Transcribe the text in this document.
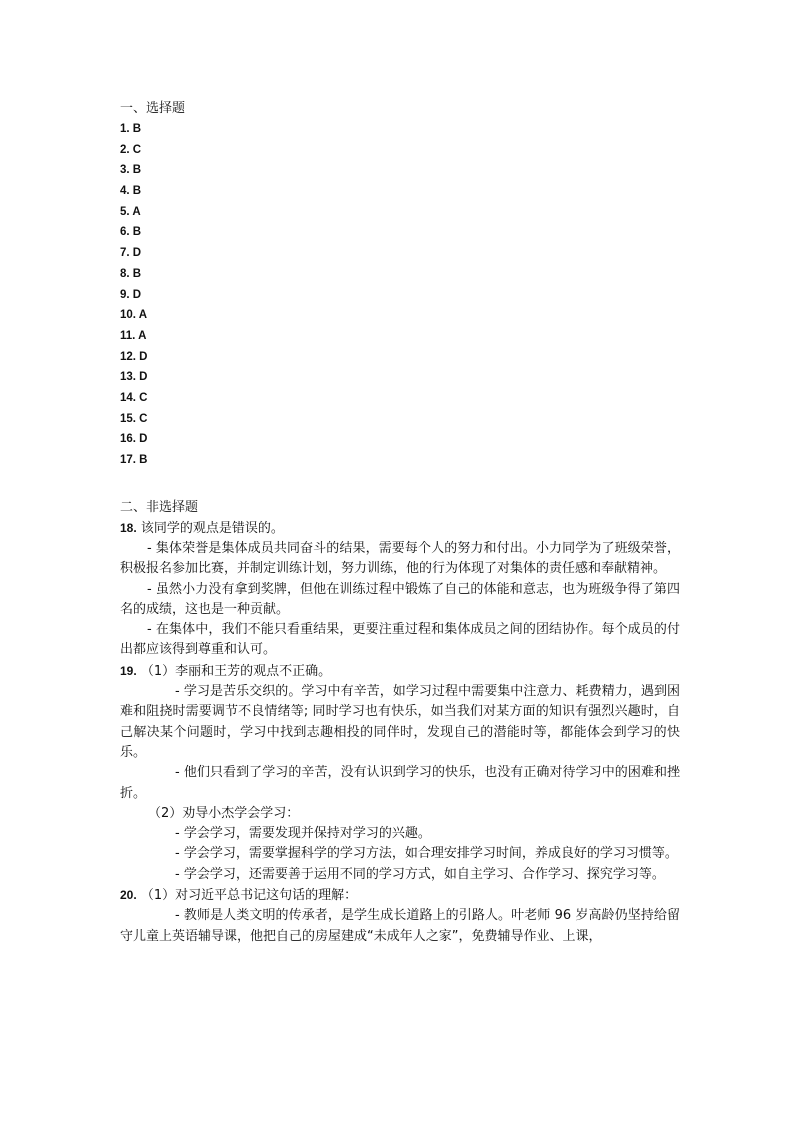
一、选择题
1. B
2. C
3. B
4. B
5. A
6. B
7. D
8. B
9. D
10. A
11. A
12. D
13. D
14. C
15. C
16. D
17. B
二、非选择题

18. 该同学的观点是错误的。

- 集体荣誉是集体成员共同奋斗的结果，需要每个人的努力和付出。小力同学为了班级荣誉，积极报名参加比赛，并制定训练计划，努力训练，他的行为体现了对集体的责任感和奉献精神。

- 虽然小力没有拿到奖牌，但他在训练过程中锻炼了自己的体能和意志，也为班级争得了第四名的成绩，这也是一种贡献。

- 在集体中，我们不能只看重结果，更要注重过程和集体成员之间的团结协作。每个成员的付出都应该得到尊重和认可。

19. （1）李丽和王芳的观点不正确。

- 学习是苦乐交织的。学习中有辛苦，如学习过程中需要集中注意力、耗费精力，遇到困难和阻挠时需要调节不良情绪等; 同时学习也有快乐，如当我们对某方面的知识有强烈兴趣时，自己解决某个问题时，学习中找到志趣相投的同伴时，发现自己的潜能时等，都能体会到学习的快乐。

- 他们只看到了学习的辛苦，没有认识到学习的快乐，也没有正确对待学习中的困难和挫折。

（2）劝导小杰学会学习：

- 学会学习，需要发现并保持对学习的兴趣。

- 学会学习，需要掌握科学的学习方法，如合理安排学习时间，养成良好的学习习惯等。

- 学会学习，还需要善于运用不同的学习方式，如自主学习、合作学习、探究学习等。

20. （1）对习近平总书记这句话的理解：

- 教师是人类文明的传承者，是学生成长道路上的引路人。叶老师 96 岁高龄仍坚持给留守儿童上英语辅导课，他把自己的房屋建成“未成年人之家”，免费辅导作业、上课，
